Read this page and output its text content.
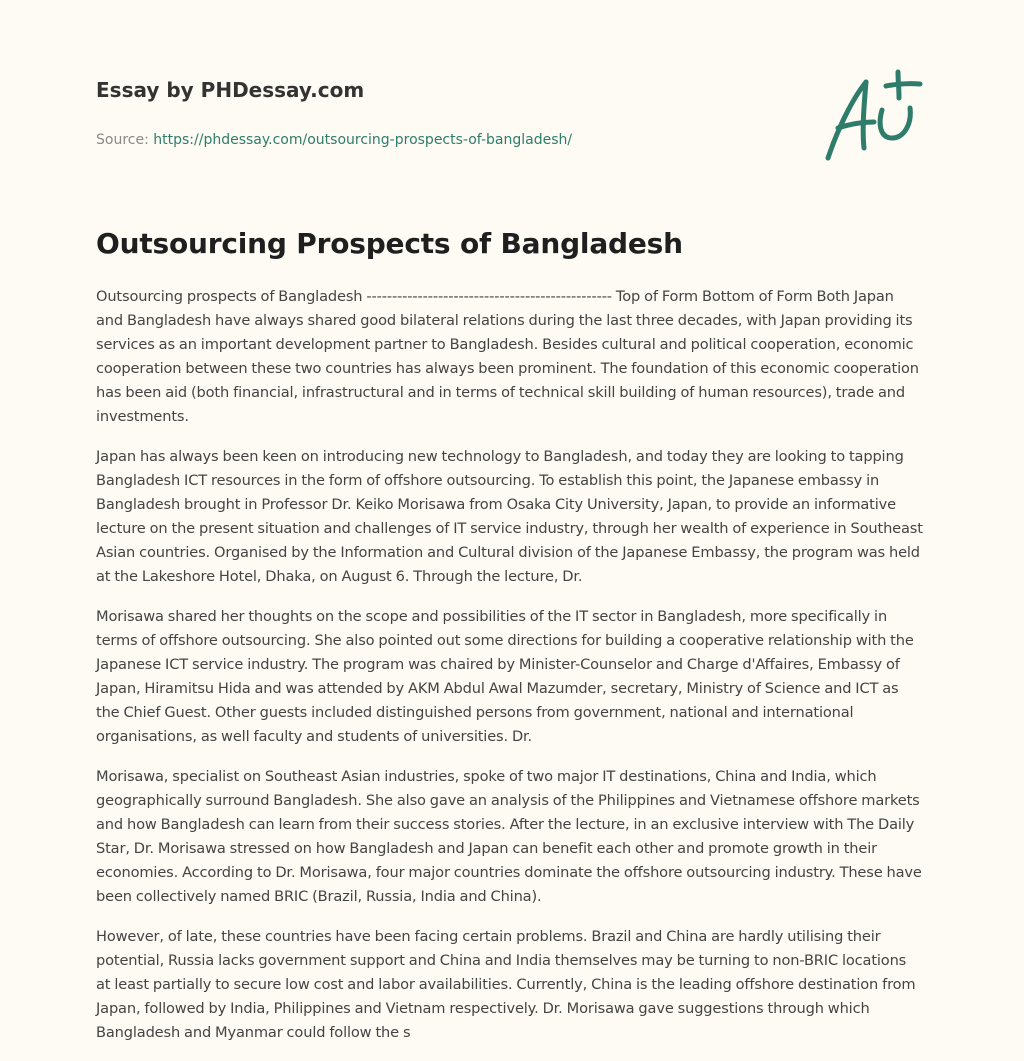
Essay by PHDessay.com
Source: https://phdessay.com/outsourcing-prospects-of-bangladesh/
Outsourcing Prospects of Bangladesh

Outsourcing prospects of Bangladesh ------------------------------------------------ Top of Form Bottom of Form Both Japan and Bangladesh have always shared good bilateral relations during the last three decades, with Japan providing its services as an important development partner to Bangladesh. Besides cultural and political cooperation, economic cooperation between these two countries has always been prominent. The foundation of this economic cooperation has been aid (both financial, infrastructural and in terms of technical skill building of human resources), trade and investments.

Japan has always been keen on introducing new technology to Bangladesh, and today they are looking to tapping Bangladesh ICT resources in the form of offshore outsourcing. To establish this point, the Japanese embassy in Bangladesh brought in Professor Dr. Keiko Morisawa from Osaka City University, Japan, to provide an informative lecture on the present situation and challenges of IT service industry, through her wealth of experience in Southeast Asian countries. Organised by the Information and Cultural division of the Japanese Embassy, the program was held at the Lakeshore Hotel, Dhaka, on August 6. Through the lecture, Dr.

Morisawa shared her thoughts on the scope and possibilities of the IT sector in Bangladesh, more specifically in terms of offshore outsourcing. She also pointed out some directions for building a cooperative relationship with the Japanese ICT service industry. The program was chaired by Minister-Counselor and Charge d'Affaires, Embassy of Japan, Hiramitsu Hida and was attended by AKM Abdul Awal Mazumder, secretary, Ministry of Science and ICT as the Chief Guest. Other guests included distinguished persons from government, national and international organisations, as well faculty and students of universities. Dr.

Morisawa, specialist on Southeast Asian industries, spoke of two major IT destinations, China and India, which geographically surround Bangladesh. She also gave an analysis of the Philippines and Vietnamese offshore markets and how Bangladesh can learn from their success stories. After the lecture, in an exclusive interview with The Daily Star, Dr. Morisawa stressed on how Bangladesh and Japan can benefit each other and promote growth in their economies. According to Dr. Morisawa, four major countries dominate the offshore outsourcing industry. These have been collectively named BRIC (Brazil, Russia, India and China).

However, of late, these countries have been facing certain problems. Brazil and China are hardly utilising their potential, Russia lacks government support and China and India themselves may be turning to non-BRIC locations at least partially to secure low cost and labor availabilities. Currently, China is the leading offshore destination from Japan, followed by India, Philippines and Vietnam respectively. Dr. Morisawa gave suggestions through which Bangladesh and Myanmar could follow the s
